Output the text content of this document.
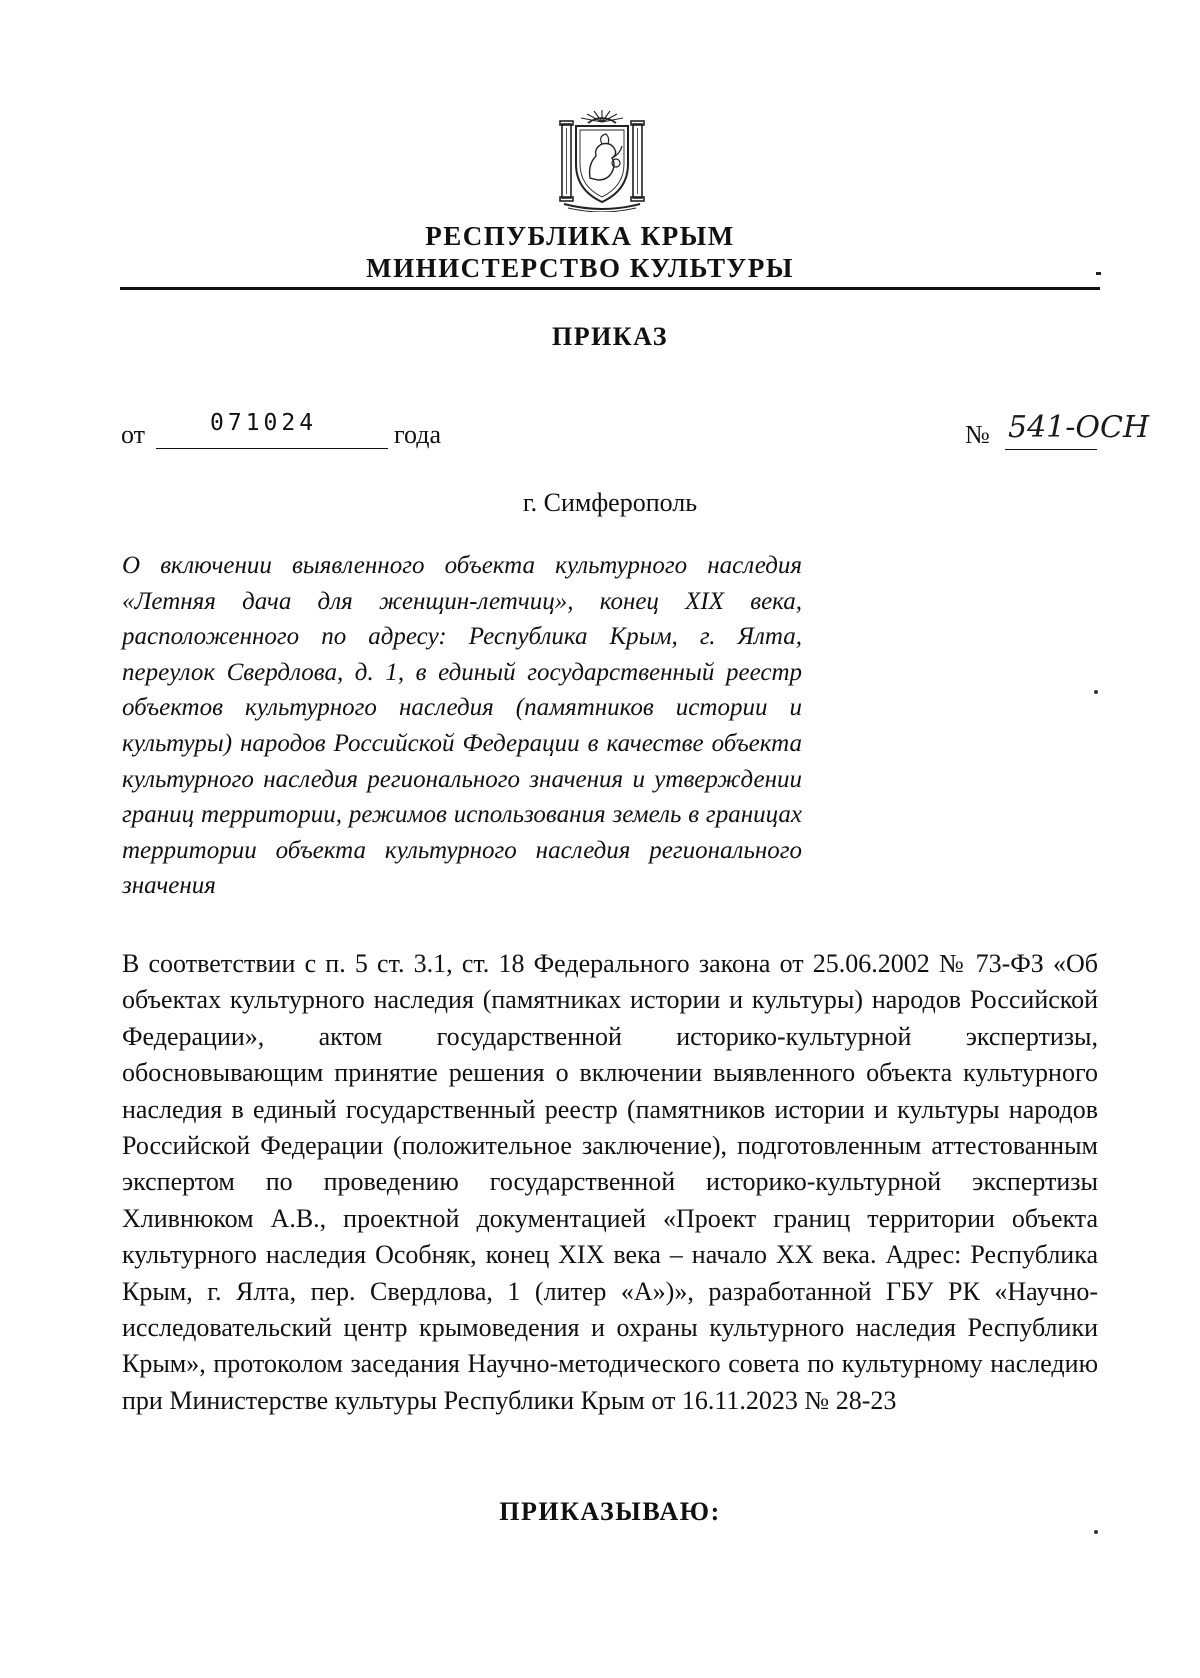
РЕСПУБЛИКА КРЫМ
МИНИСТЕРСТВО КУЛЬТУРЫ
ПРИКАЗ
от	071024	года	№ 541-ОСН
г. Симферополь

О включении выявленного объекта культурного наследия «Летняя дача для женщин-летчиц», конец XIX века, расположенного по адресу: Республика Крым, г. Ялта, переулок Свердлова, д. 1, в единый государственный реестр объектов культурного наследия (памятников истории и культуры) народов Российской Федерации в качестве объекта культурного наследия регионального значения и утверждении границ территории, режимов использования земель в границах территории объекта культурного наследия регионального значения

В соответствии с п. 5 ст. 3.1, ст. 18 Федерального закона от 25.06.2002 № 73-ФЗ «Об объектах культурного наследия (памятниках истории и культуры) народов Российской Федерации», актом государственной историко-культурной экспертизы, обосновывающим принятие решения о включении выявленного объекта культурного наследия в единый государственный реестр (памятников истории и культуры народов Российской Федерации (положительное заключение), подготовленным аттестованным экспертом по проведению государственной историко-культурной экспертизы Хливнюком А.В., проектной документацией «Проект границ территории объекта культурного наследия Особняк, конец XIX века – начало XX века. Адрес: Республика Крым, г. Ялта, пер. Свердлова, 1 (литер «А»)», разработанной ГБУ РК «Научно-исследовательский центр крымоведения и охраны культурного наследия Республики Крым», протоколом заседания Научно-методического совета по культурному наследию при Министерстве культуры Республики Крым от 16.11.2023 № 28-23

ПРИКАЗЫВАЮ:
